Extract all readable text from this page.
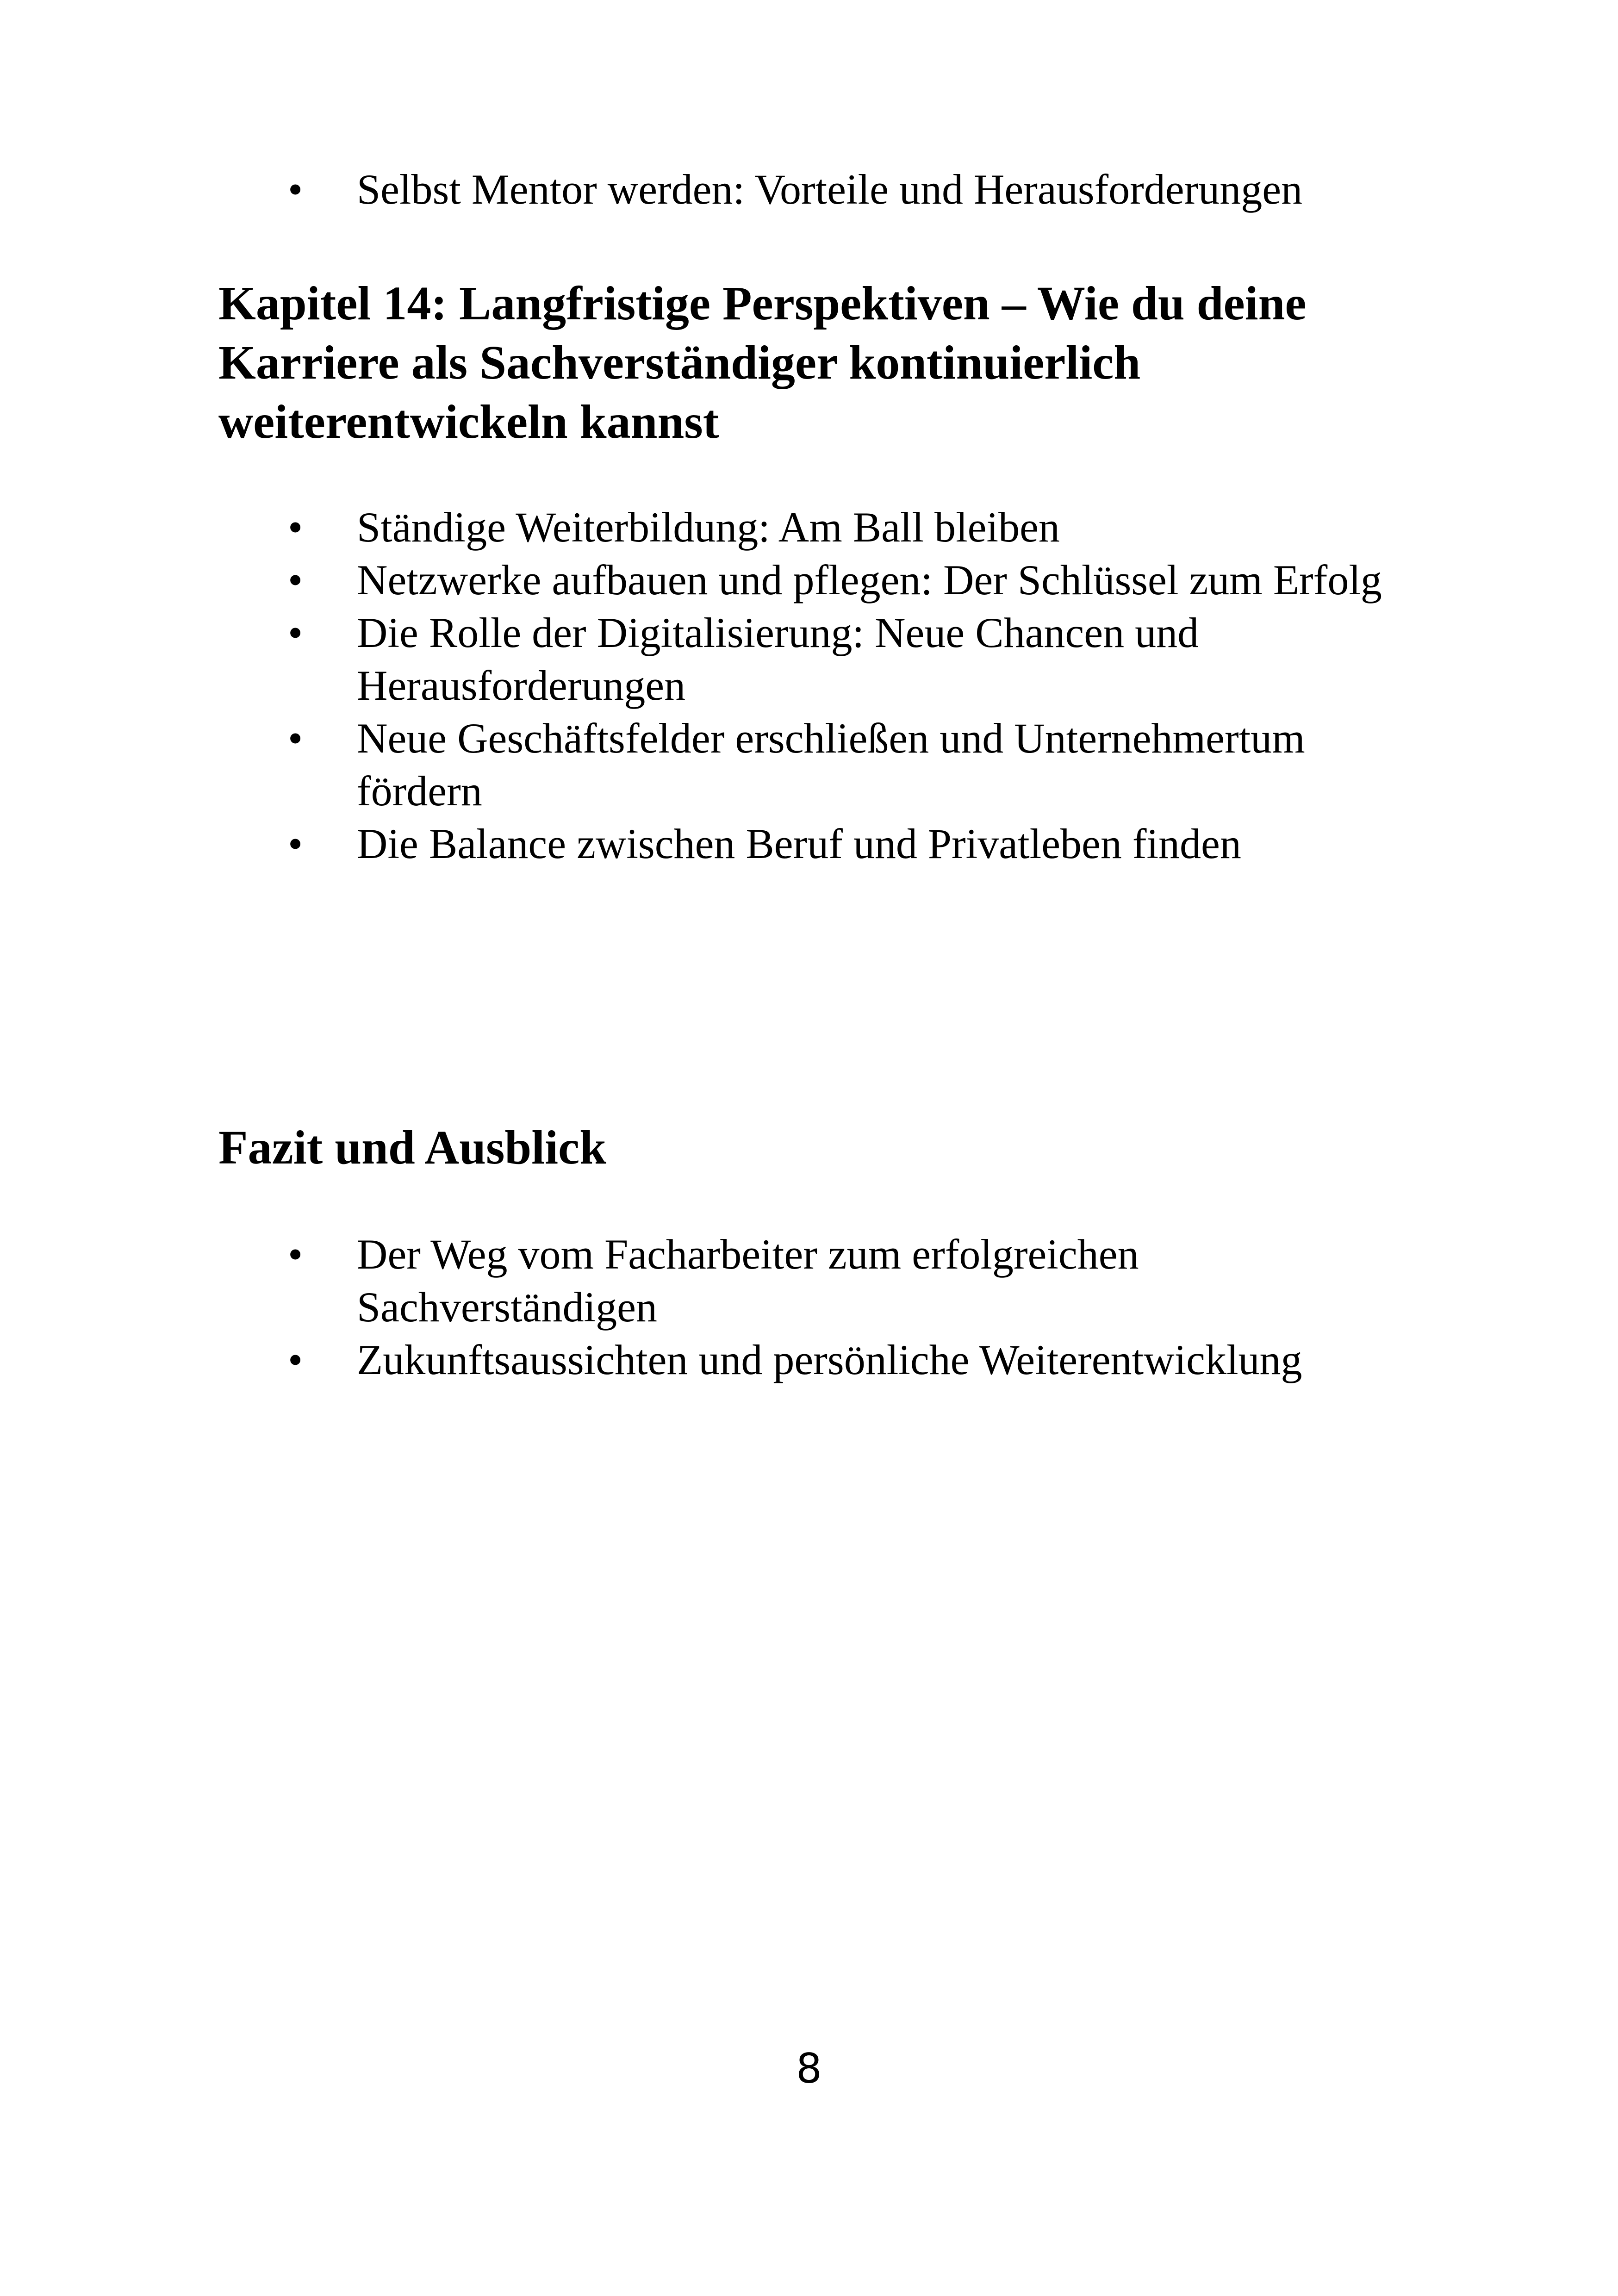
• Selbst Mentor werden: Vorteile und Herausforderungen
Kapitel 14: Langfristige Perspektiven – Wie du deine Karriere als Sachverständiger kontinuierlich weiterentwickeln kannst
• Ständige Weiterbildung: Am Ball bleiben
• Netzwerke aufbauen und pflegen: Der Schlüssel zum Erfolg
• Die Rolle der Digitalisierung: Neue Chancen und Herausforderungen
• Neue Geschäftsfelder erschließen und Unternehmertum fördern
• Die Balance zwischen Beruf und Privatleben finden
Fazit und Ausblick
• Der Weg vom Facharbeiter zum erfolgreichen Sachverständigen
• Zukunftsaussichten und persönliche Weiterentwicklung
8
